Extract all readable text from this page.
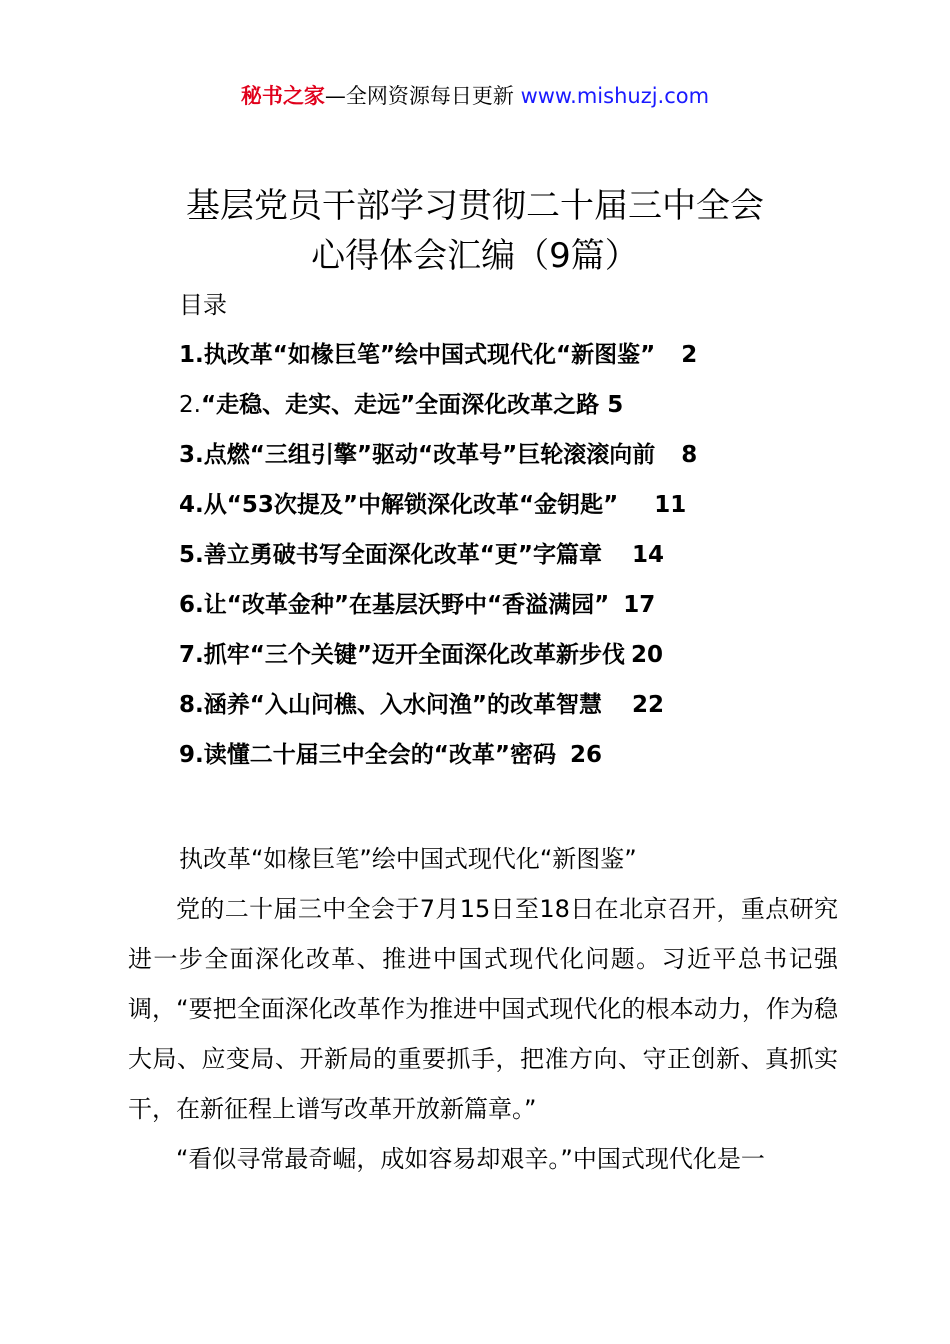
秘书之家—全网资源每日更新 www.mishuzj.com
基层党员干部学习贯彻二十届三中全会
心得体会汇编（9篇）
目录
1.执改革“如椽巨笔”绘中国式现代化“新图鉴” 2
2.“走稳、走实、走远”全面深化改革之路 5
3.点燃“三组引擎”驱动“改革号”巨轮滚滚向前 8
4.从“53次提及”中解锁深化改革“金钥匙” 11
5.善立勇破书写全面深化改革“更”字篇章 14
6.让“改革金种”在基层沃野中“香溢满园” 17
7.抓牢“三个关键”迈开全面深化改革新步伐 20
8.涵养“入山问樵、入水问渔”的改革智慧 22
9.读懂二十届三中全会的“改革”密码 26

执改革“如椽巨笔”绘中国式现代化“新图鉴”

党的二十届三中全会于7月15日至18日在北京召开，重点研究进一步全面深化改革、推进中国式现代化问题。习近平总书记强调，“要把全面深化改革作为推进中国式现代化的根本动力，作为稳大局、应变局、开新局的重要抓手，把准方向、守正创新、真抓实干，在新征程上谱写改革开放新篇章。”

“看似寻常最奇崛，成如容易却艰辛。”中国式现代化是一
